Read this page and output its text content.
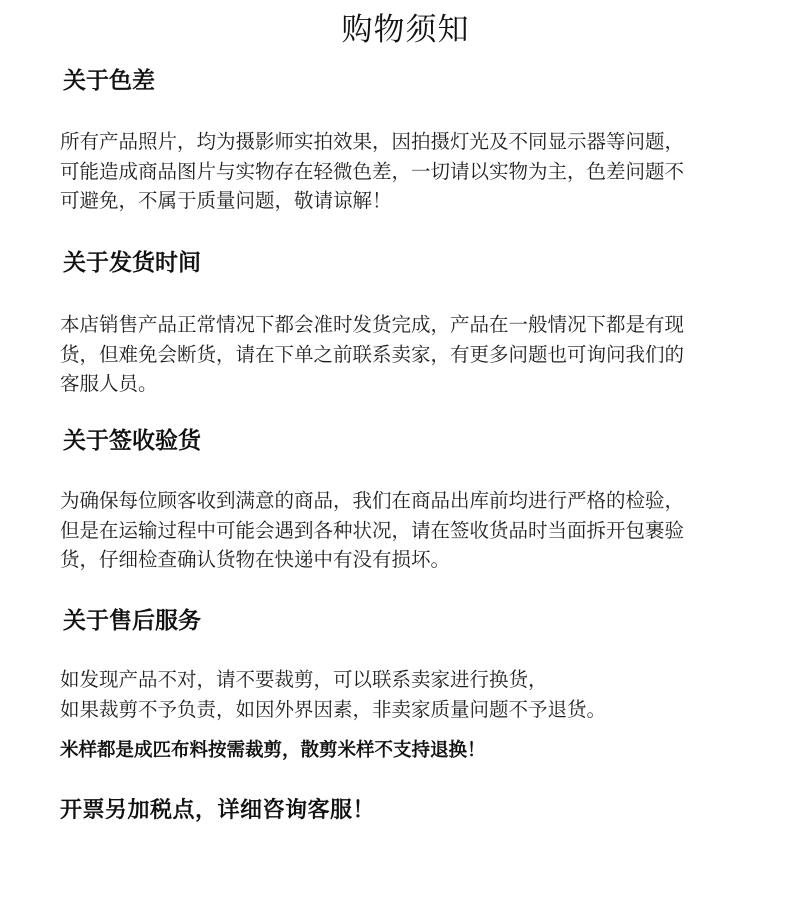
购物须知
关于色差
所有产品照片，均为摄影师实拍效果，因拍摄灯光及不同显示器等问题，
可能造成商品图片与实物存在轻微色差，一切请以实物为主，色差问题不
可避免，不属于质量问题，敬请谅解！
关于发货时间
本店销售产品正常情况下都会准时发货完成，产品在一般情况下都是有现
货，但难免会断货，请在下单之前联系卖家，有更多问题也可询问我们的
客服人员。
关于签收验货
为确保每位顾客收到满意的商品，我们在商品出库前均进行严格的检验，
但是在运输过程中可能会遇到各种状况，请在签收货品时当面拆开包裹验
货，仔细检查确认货物在快递中有没有损坏。
关于售后服务
如发现产品不对，请不要裁剪，可以联系卖家进行换货，
如果裁剪不予负责，如因外界因素，非卖家质量问题不予退货。
米样都是成匹布料按需裁剪，散剪米样不支持退换！
开票另加税点，详细咨询客服！
